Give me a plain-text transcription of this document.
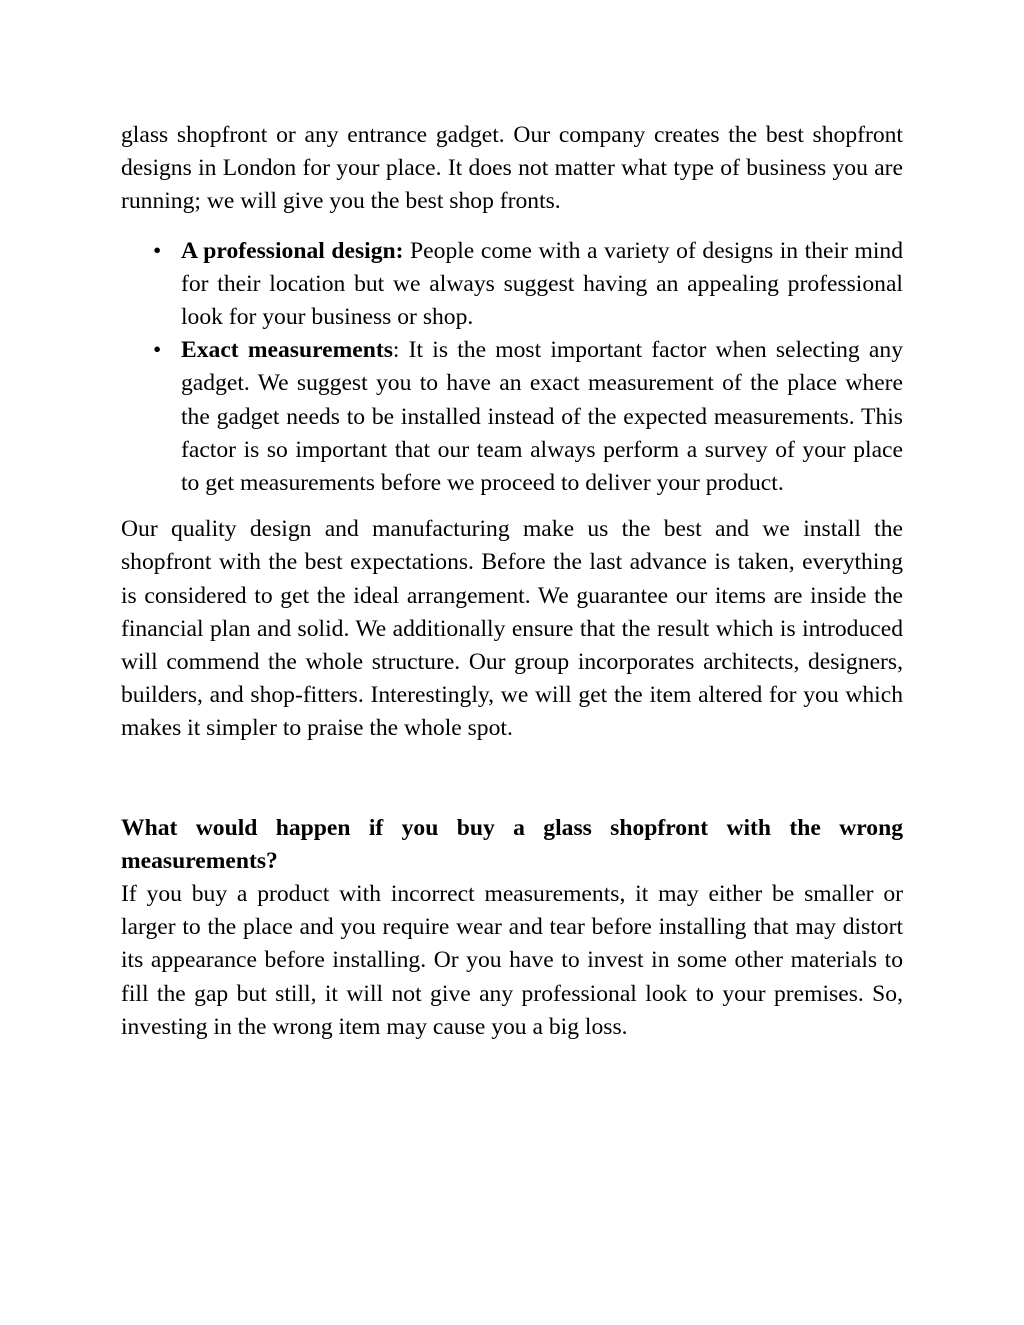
glass shopfront or any entrance gadget. Our company creates the best shopfront designs in London for your place. It does not matter what type of business you are running; we will give you the best shop fronts.

• A professional design: People come with a variety of designs in their mind for their location but we always suggest having an appealing professional look for your business or shop.
• Exact measurements: It is the most important factor when selecting any gadget. We suggest you to have an exact measurement of the place where the gadget needs to be installed instead of the expected measurements. This factor is so important that our team always perform a survey of your place to get measurements before we proceed to deliver your product.

Our quality design and manufacturing make us the best and we install the shopfront with the best expectations. Before the last advance is taken, everything is considered to get the ideal arrangement. We guarantee our items are inside the financial plan and solid. We additionally ensure that the result which is introduced will commend the whole structure. Our group incorporates architects, designers, builders, and shop-fitters. Interestingly, we will get the item altered for you which makes it simpler to praise the whole spot.

What would happen if you buy a glass shopfront with the wrong measurements?

If you buy a product with incorrect measurements, it may either be smaller or larger to the place and you require wear and tear before installing that may distort its appearance before installing. Or you have to invest in some other materials to fill the gap but still, it will not give any professional look to your premises. So, investing in the wrong item may cause you a big loss.
